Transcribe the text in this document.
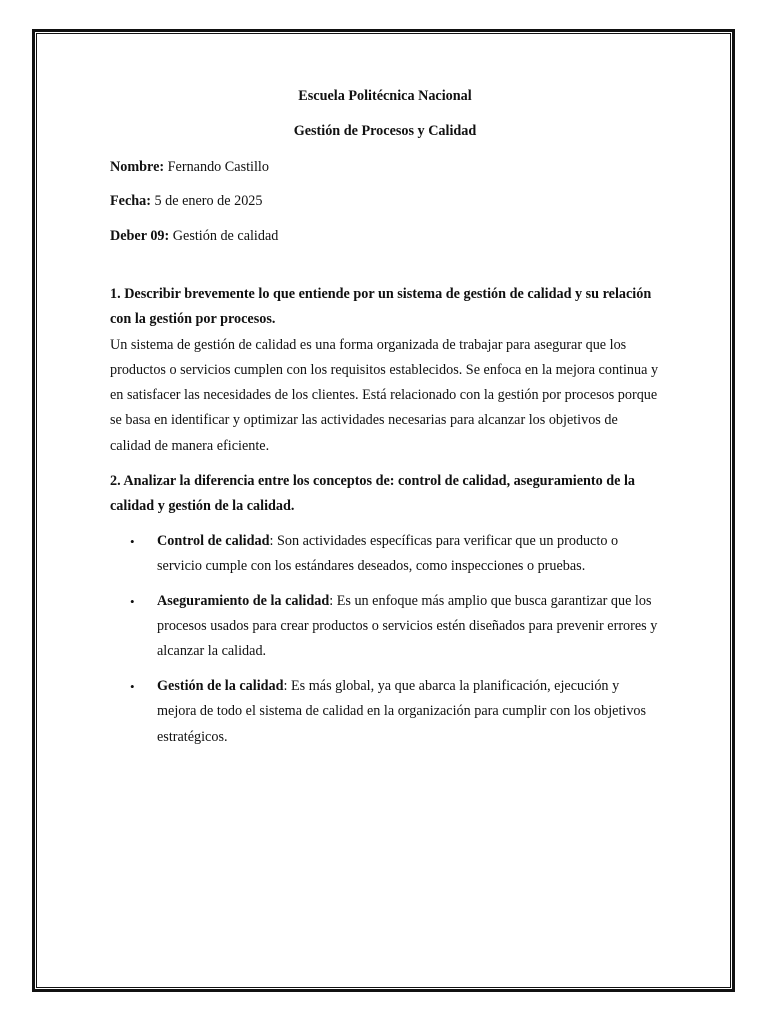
Escuela Politécnica Nacional

Gestión de Procesos y Calidad

Nombre: Fernando Castillo

Fecha: 5 de enero de 2025

Deber 09: Gestión de calidad

1. Describir brevemente lo que entiende por un sistema de gestión de calidad y su relación con la gestión por procesos.

Un sistema de gestión de calidad es una forma organizada de trabajar para asegurar que los productos o servicios cumplen con los requisitos establecidos. Se enfoca en la mejora continua y en satisfacer las necesidades de los clientes. Está relacionado con la gestión por procesos porque se basa en identificar y optimizar las actividades necesarias para alcanzar los objetivos de calidad de manera eficiente.

2. Analizar la diferencia entre los conceptos de: control de calidad, aseguramiento de la calidad y gestión de la calidad.

• Control de calidad: Son actividades específicas para verificar que un producto o servicio cumple con los estándares deseados, como inspecciones o pruebas.
• Aseguramiento de la calidad: Es un enfoque más amplio que busca garantizar que los procesos usados para crear productos o servicios estén diseñados para prevenir errores y alcanzar la calidad.
• Gestión de la calidad: Es más global, ya que abarca la planificación, ejecución y mejora de todo el sistema de calidad en la organización para cumplir con los objetivos estratégicos.
